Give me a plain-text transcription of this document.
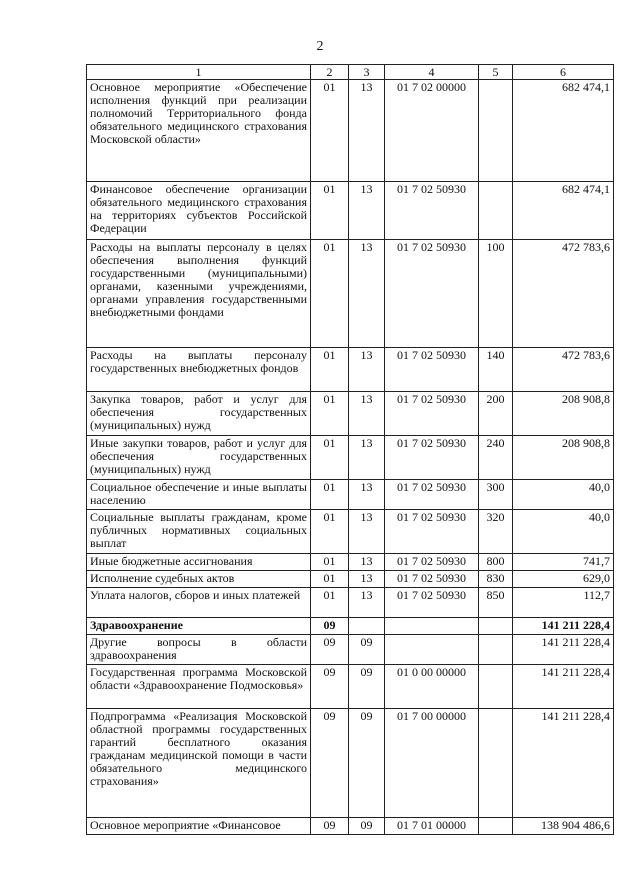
2
1	2	3	4	5	6
Основное мероприятие «Обеспечение исполнения функций при реализации полномочий Территориального фонда обязательного медицинского страхования Московской области»	01	13	01 7 02 00000		682 474,1
Финансовое обеспечение организации обязательного медицинского страхования на территориях субъектов Российской Федерации	01	13	01 7 02 50930		682 474,1
Расходы на выплаты персоналу в целях обеспечения выполнения функций государственными (муниципальными) органами, казенными учреждениями, органами управления государственными внебюджетными фондами	01	13	01 7 02 50930	100	472 783,6
Расходы на выплаты персоналу государственных внебюджетных фондов	01	13	01 7 02 50930	140	472 783,6
Закупка товаров, работ и услуг для обеспечения государственных (муниципальных) нужд	01	13	01 7 02 50930	200	208 908,8
Иные закупки товаров, работ и услуг для обеспечения государственных (муниципальных) нужд	01	13	01 7 02 50930	240	208 908,8
Социальное обеспечение и иные выплаты населению	01	13	01 7 02 50930	300	40,0
Социальные выплаты гражданам, кроме публичных нормативных социальных выплат	01	13	01 7 02 50930	320	40,0
Иные бюджетные ассигнования	01	13	01 7 02 50930	800	741,7
Исполнение судебных актов	01	13	01 7 02 50930	830	629,0
Уплата налогов, сборов и иных платежей	01	13	01 7 02 50930	850	112,7
Здравоохранение	09				141 211 228,4
Другие вопросы в области здравоохранения	09	09			141 211 228,4
Государственная программа Московской области «Здравоохранение Подмосковья»	09	09	01 0 00 00000		141 211 228,4
Подпрограмма «Реализация Московской областной программы государственных гарантий бесплатного оказания гражданам медицинской помощи в части обязательного медицинского страхования»	09	09	01 7 00 00000		141 211 228,4
Основное мероприятие «Финансовое	09	09	01 7 01 00000		138 904 486,6
